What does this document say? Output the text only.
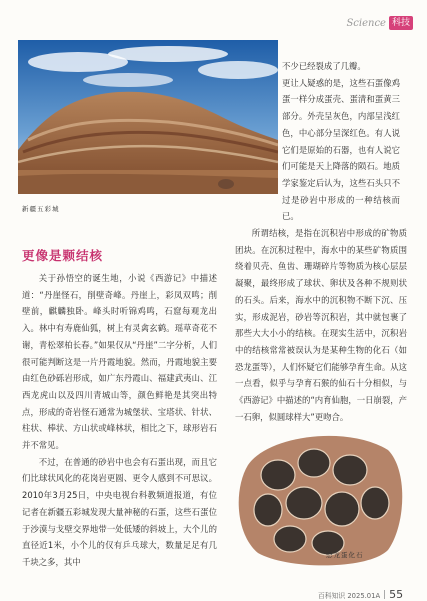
Science 科技
新疆五彩城

不少已经裂成了几瓣。

更让人疑惑的是，这些石蛋像鸡蛋一样分成蛋壳、蛋清和蛋黄三部分。外壳呈灰色，内部呈浅红色，中心部分呈深红色。有人说它们是原始的石器，也有人说它们可能是天上降落的陨石。地质学家鉴定后认为，这些石头只不过是砂岩中形成的一种结核而已。

所谓结核，是指在沉积岩中形成的矿物质团块。在沉积过程中，海水中的某些矿物质围绕着贝壳、鱼齿、珊瑚碎片等物质为核心层层凝聚，最终形成了球状、卵状及各种不规则状的石头。后来，海水中的沉积物不断下沉、压实，形成泥岩，砂岩等沉积岩，其中就包裹了那些大大小小的结核。在现实生活中，沉积岩中的结核常常被误认为是某种生物的化石（如恐龙蛋等），人们怀疑它们能够孕育生命。从这一点看，似乎与孕育石猴的仙石十分相似，与《西游记》中描述的“内育仙胞，一日崩裂，产一石卵，似圆球样大”更吻合。

更像是颗结核

关于孙悟空的诞生地，小说《西游记》中描述道：“丹崖怪石，削壁奇峰。丹崖上，彩凤双鸣；削壁前，麒麟独卧。峰头时听锦鸡鸣，石窟每观龙出入。林中有寿鹿仙狐，树上有灵禽玄鹤。瑶草奇花不谢，青松翠柏长春。”如果仅从“丹崖”二字分析，人们很可能判断这是一片丹霞地貌。然而，丹霞地貌主要由红色砂砾岩形成，如广东丹霞山、福建武夷山、江西龙虎山以及四川青城山等，颜色鲜艳是其突出特点，形成的奇岩怪石通常为城堡状、宝塔状、针状、柱状、棒状、方山状或峰林状，相比之下，球形岩石并不常见。

不过，在普通的砂岩中也会有石蛋出现，而且它们比球状风化的花岗岩更圆、更令人感到不可思议。2010年3月25日，中央电视台科教频道报道，有位记者在新疆五彩城发现大量神秘的石蛋，这些石蛋位于沙漠与戈壁交界地带一处低矮的斜坡上，大个儿的直径近1米，小个儿的仅有乒乓球大，数量足足有几千块之多，其中

恐龙蛋化石
百科知识 2025.01A 55
